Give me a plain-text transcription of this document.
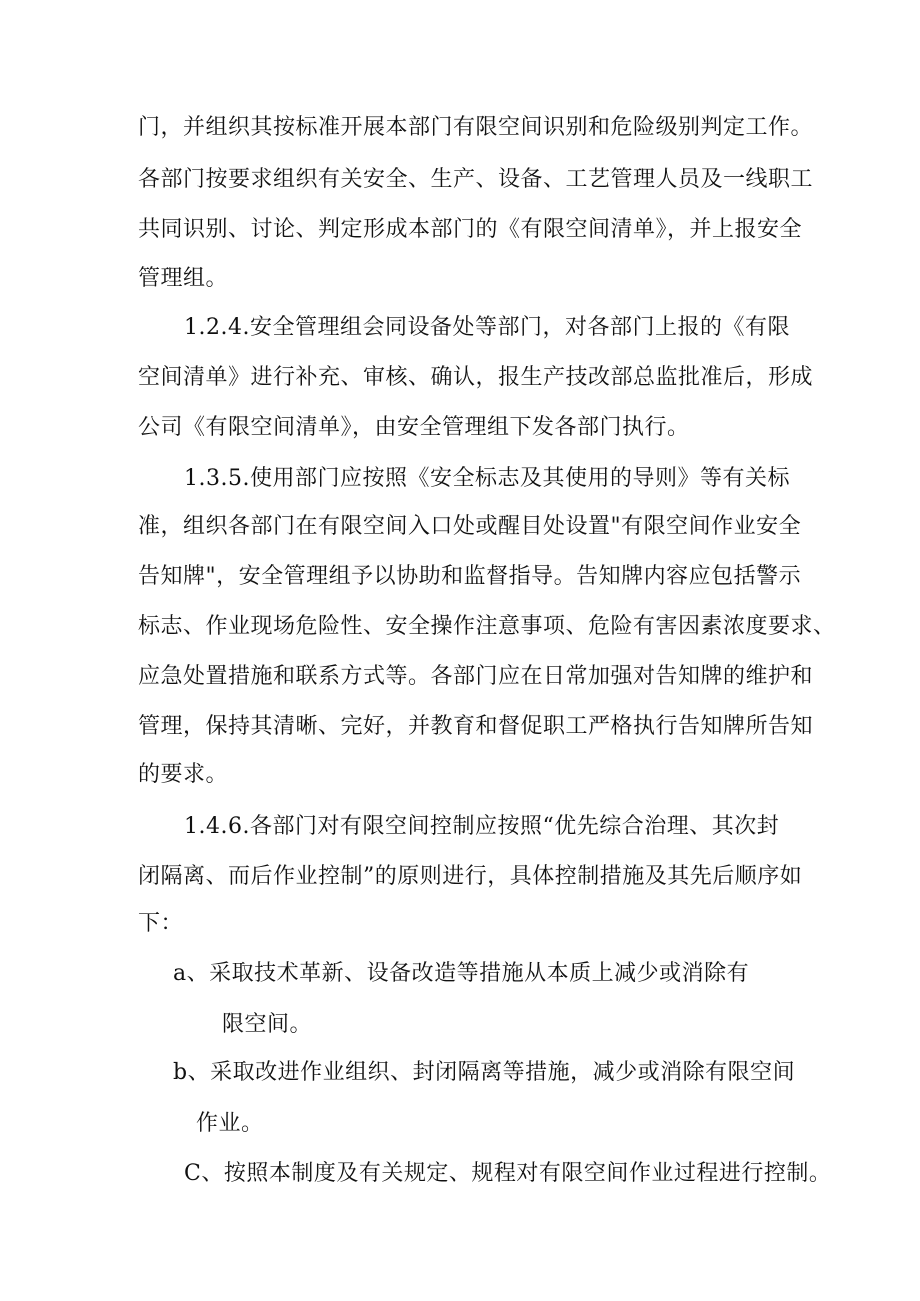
门，并组织其按标准开展本部门有限空间识别和危险级别判定工作。
各部门按要求组织有关安全、生产、设备、工艺管理人员及一线职工
共同识别、讨论、判定形成本部门的《有限空间清单》，并上报安全
管理组。
1.2.4.安全管理组会同设备处等部门，对各部门上报的《有限
空间清单》进行补充、审核、确认，报生产技改部总监批准后，形成
公司《有限空间清单》，由安全管理组下发各部门执行。
1.3.5.使用部门应按照《安全标志及其使用的导则》等有关标
准，组织各部门在有限空间入口处或醒目处设置"有限空间作业安全
告知牌"，安全管理组予以协助和监督指导。告知牌内容应包括警示
标志、作业现场危险性、安全操作注意事项、危险有害因素浓度要求、
应急处置措施和联系方式等。各部门应在日常加强对告知牌的维护和
管理，保持其清晰、完好，并教育和督促职工严格执行告知牌所告知
的要求。
1.4.6.各部门对有限空间控制应按照“优先综合治理、其次封
闭隔离、而后作业控制”的原则进行，具体控制措施及其先后顺序如
下：
a、采取技术革新、设备改造等措施从本质上减少或消除有
限空间。
b、采取改进作业组织、封闭隔离等措施，减少或消除有限空间
作业。
C、按照本制度及有关规定、规程对有限空间作业过程进行控制。
